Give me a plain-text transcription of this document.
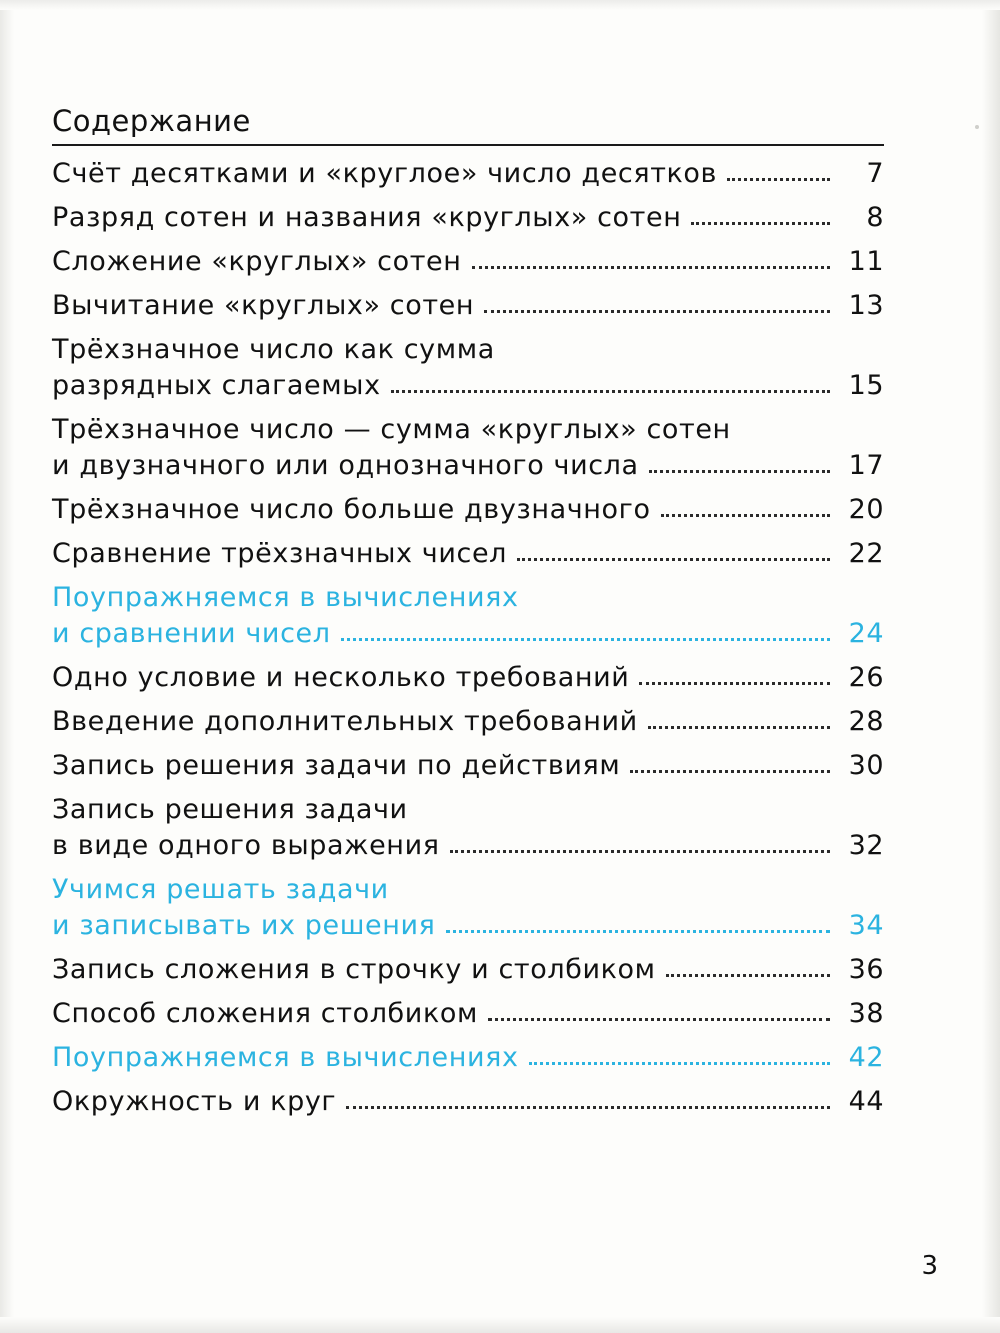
Содержание
Счёт десятками и «круглое» число десятков	7
Разряд сотен и названия «круглых» сотен	8
Сложение «круглых» сотен	11
Вычитание «круглых» сотен	13
Трёхзначное число как сумма
разрядных слагаемых	15
Трёхзначное число — сумма «круглых» сотен
и двузначного или однозначного числа	17
Трёхзначное число больше двузначного	20
Сравнение трёхзначных чисел	22
Поупражняемся в вычислениях
и сравнении чисел	24
Одно условие и несколько требований	26
Введение дополнительных требований	28
Запись решения задачи по действиям	30
Запись решения задачи
в виде одного выражения	32
Учимся решать задачи
и записывать их решения	34
Запись сложения в строчку и столбиком	36
Способ сложения столбиком	38
Поупражняемся в вычислениях	42
Окружность и круг	44
3
